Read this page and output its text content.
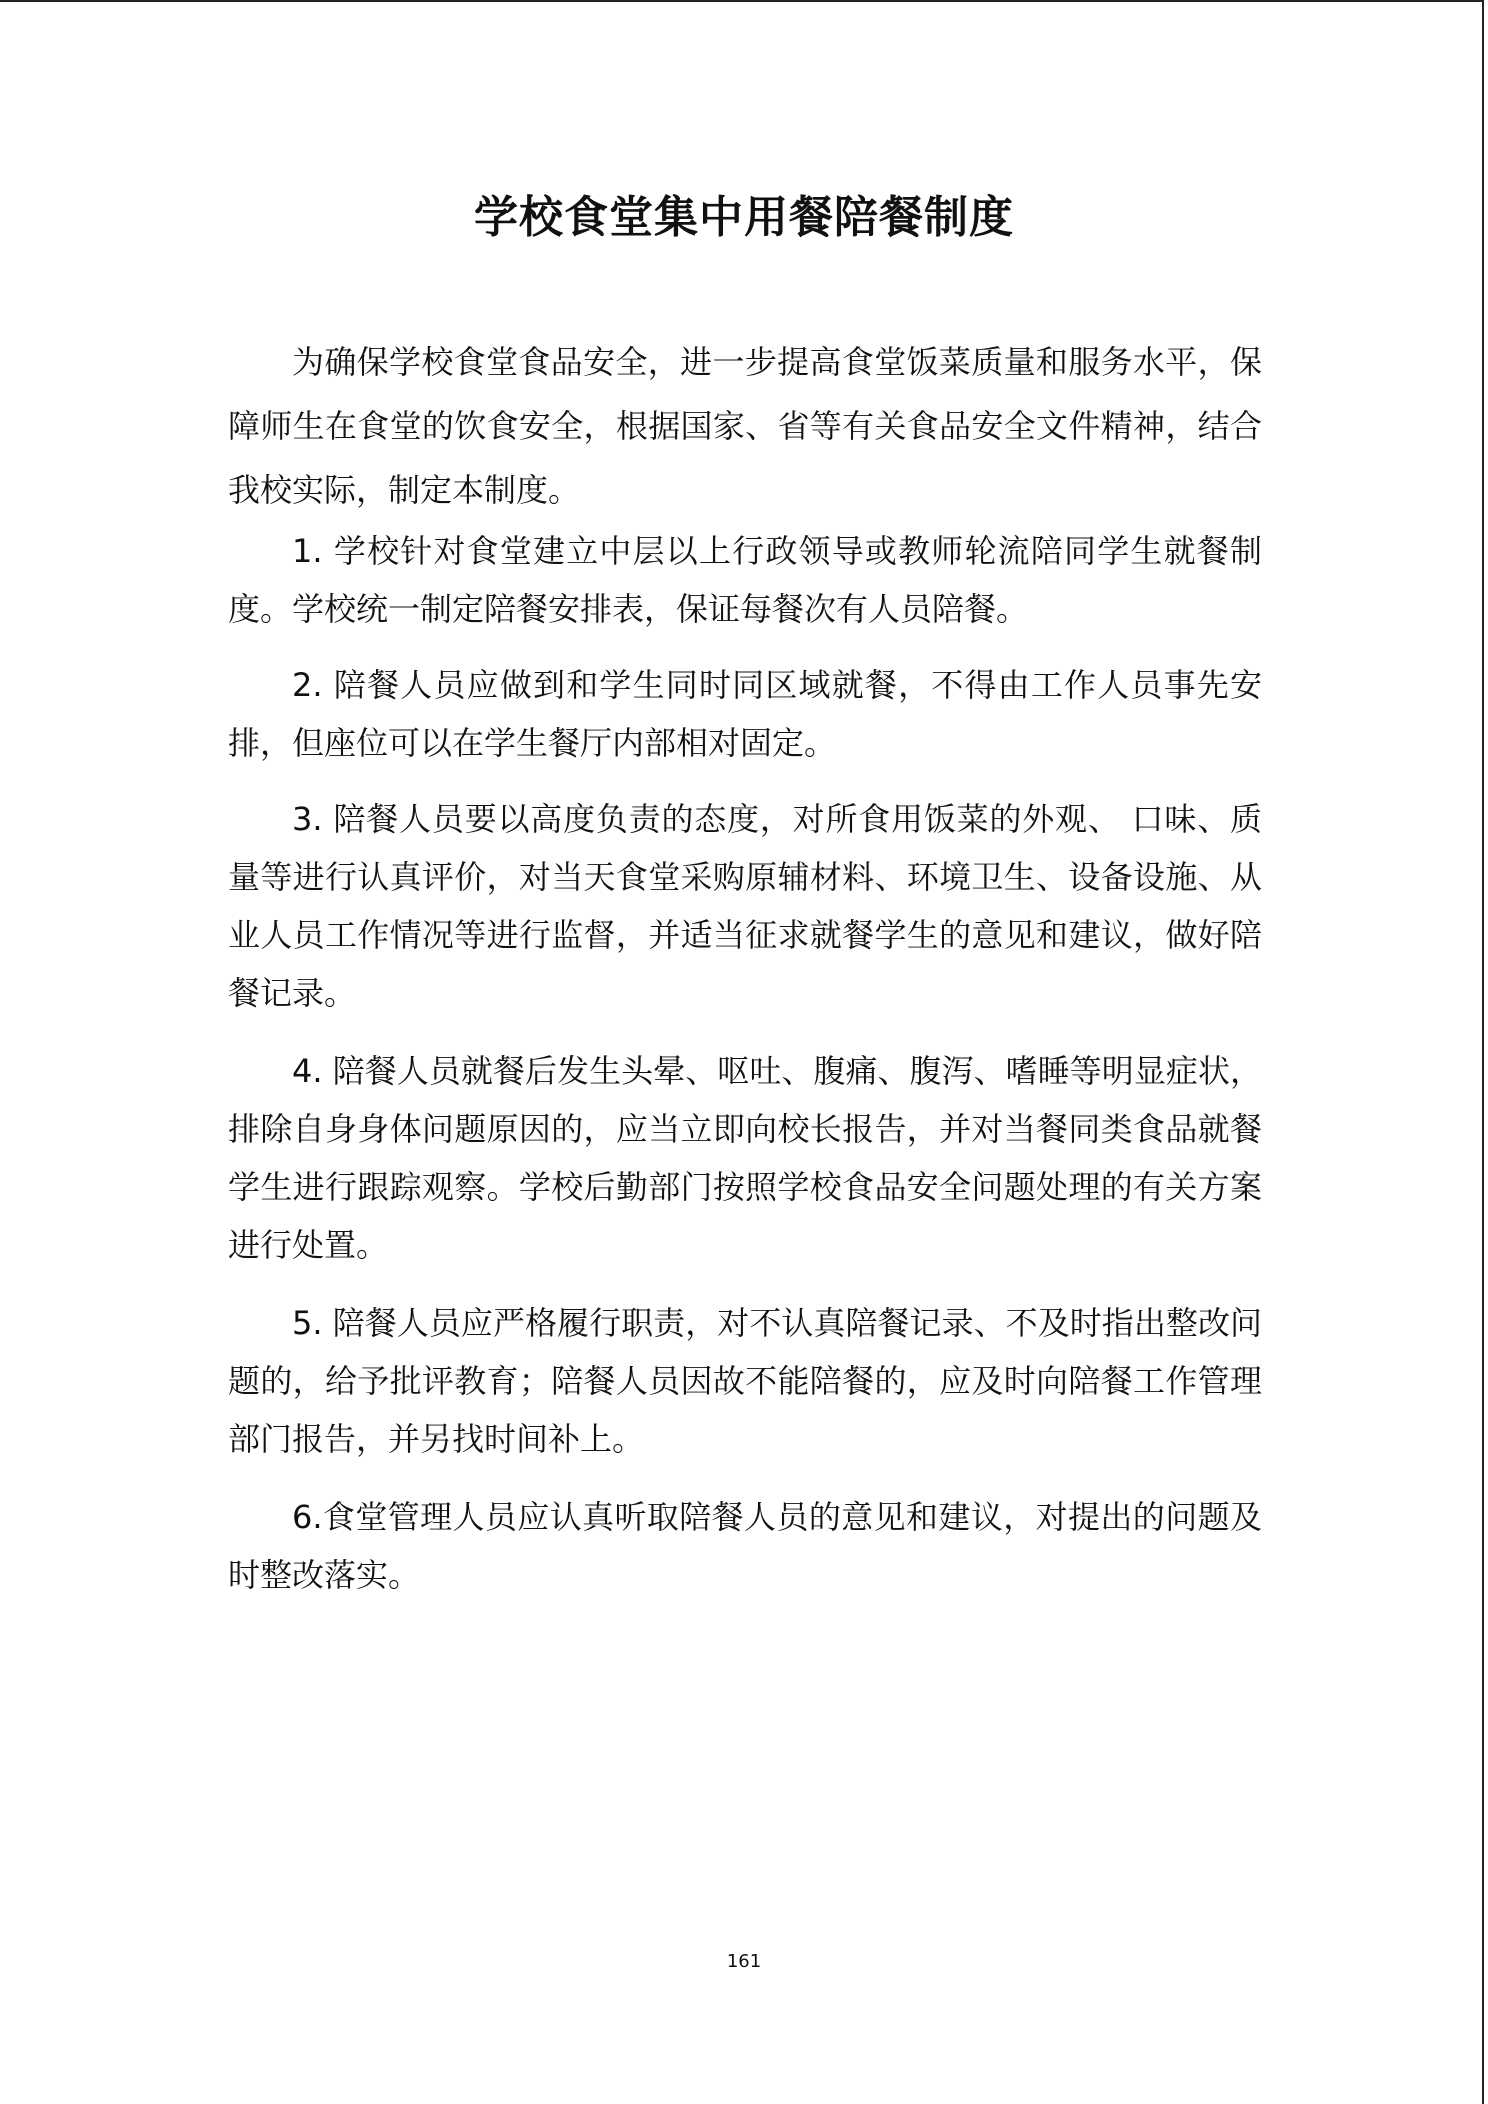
学校食堂集中用餐陪餐制度

为确保学校食堂食品安全，进一步提高食堂饭菜质量和服务水平，保障师生在食堂的饮食安全，根据国家、省等有关食品安全文件精神，结合我校实际，制定本制度。

1. 学校针对食堂建立中层以上行政领导或教师轮流陪同学生就餐制度。学校统一制定陪餐安排表，保证每餐次有人员陪餐。

2. 陪餐人员应做到和学生同时同区域就餐，不得由工作人员事先安排，但座位可以在学生餐厅内部相对固定。

3. 陪餐人员要以高度负责的态度，对所食用饭菜的外观、 口味、质量等进行认真评价，对当天食堂采购原辅材料、环境卫生、设备设施、从业人员工作情况等进行监督，并适当征求就餐学生的意见和建议，做好陪餐记录。

4. 陪餐人员就餐后发生头晕、呕吐、腹痛、腹泻、嗜睡等明显症状，排除自身身体问题原因的，应当立即向校长报告，并对当餐同类食品就餐学生进行跟踪观察。学校后勤部门按照学校食品安全问题处理的有关方案进行处置。

5. 陪餐人员应严格履行职责，对不认真陪餐记录、不及时指出整改问题的，给予批评教育；陪餐人员因故不能陪餐的，应及时向陪餐工作管理部门报告，并另找时间补上。

6.食堂管理人员应认真听取陪餐人员的意见和建议，对提出的问题及时整改落实。

161
